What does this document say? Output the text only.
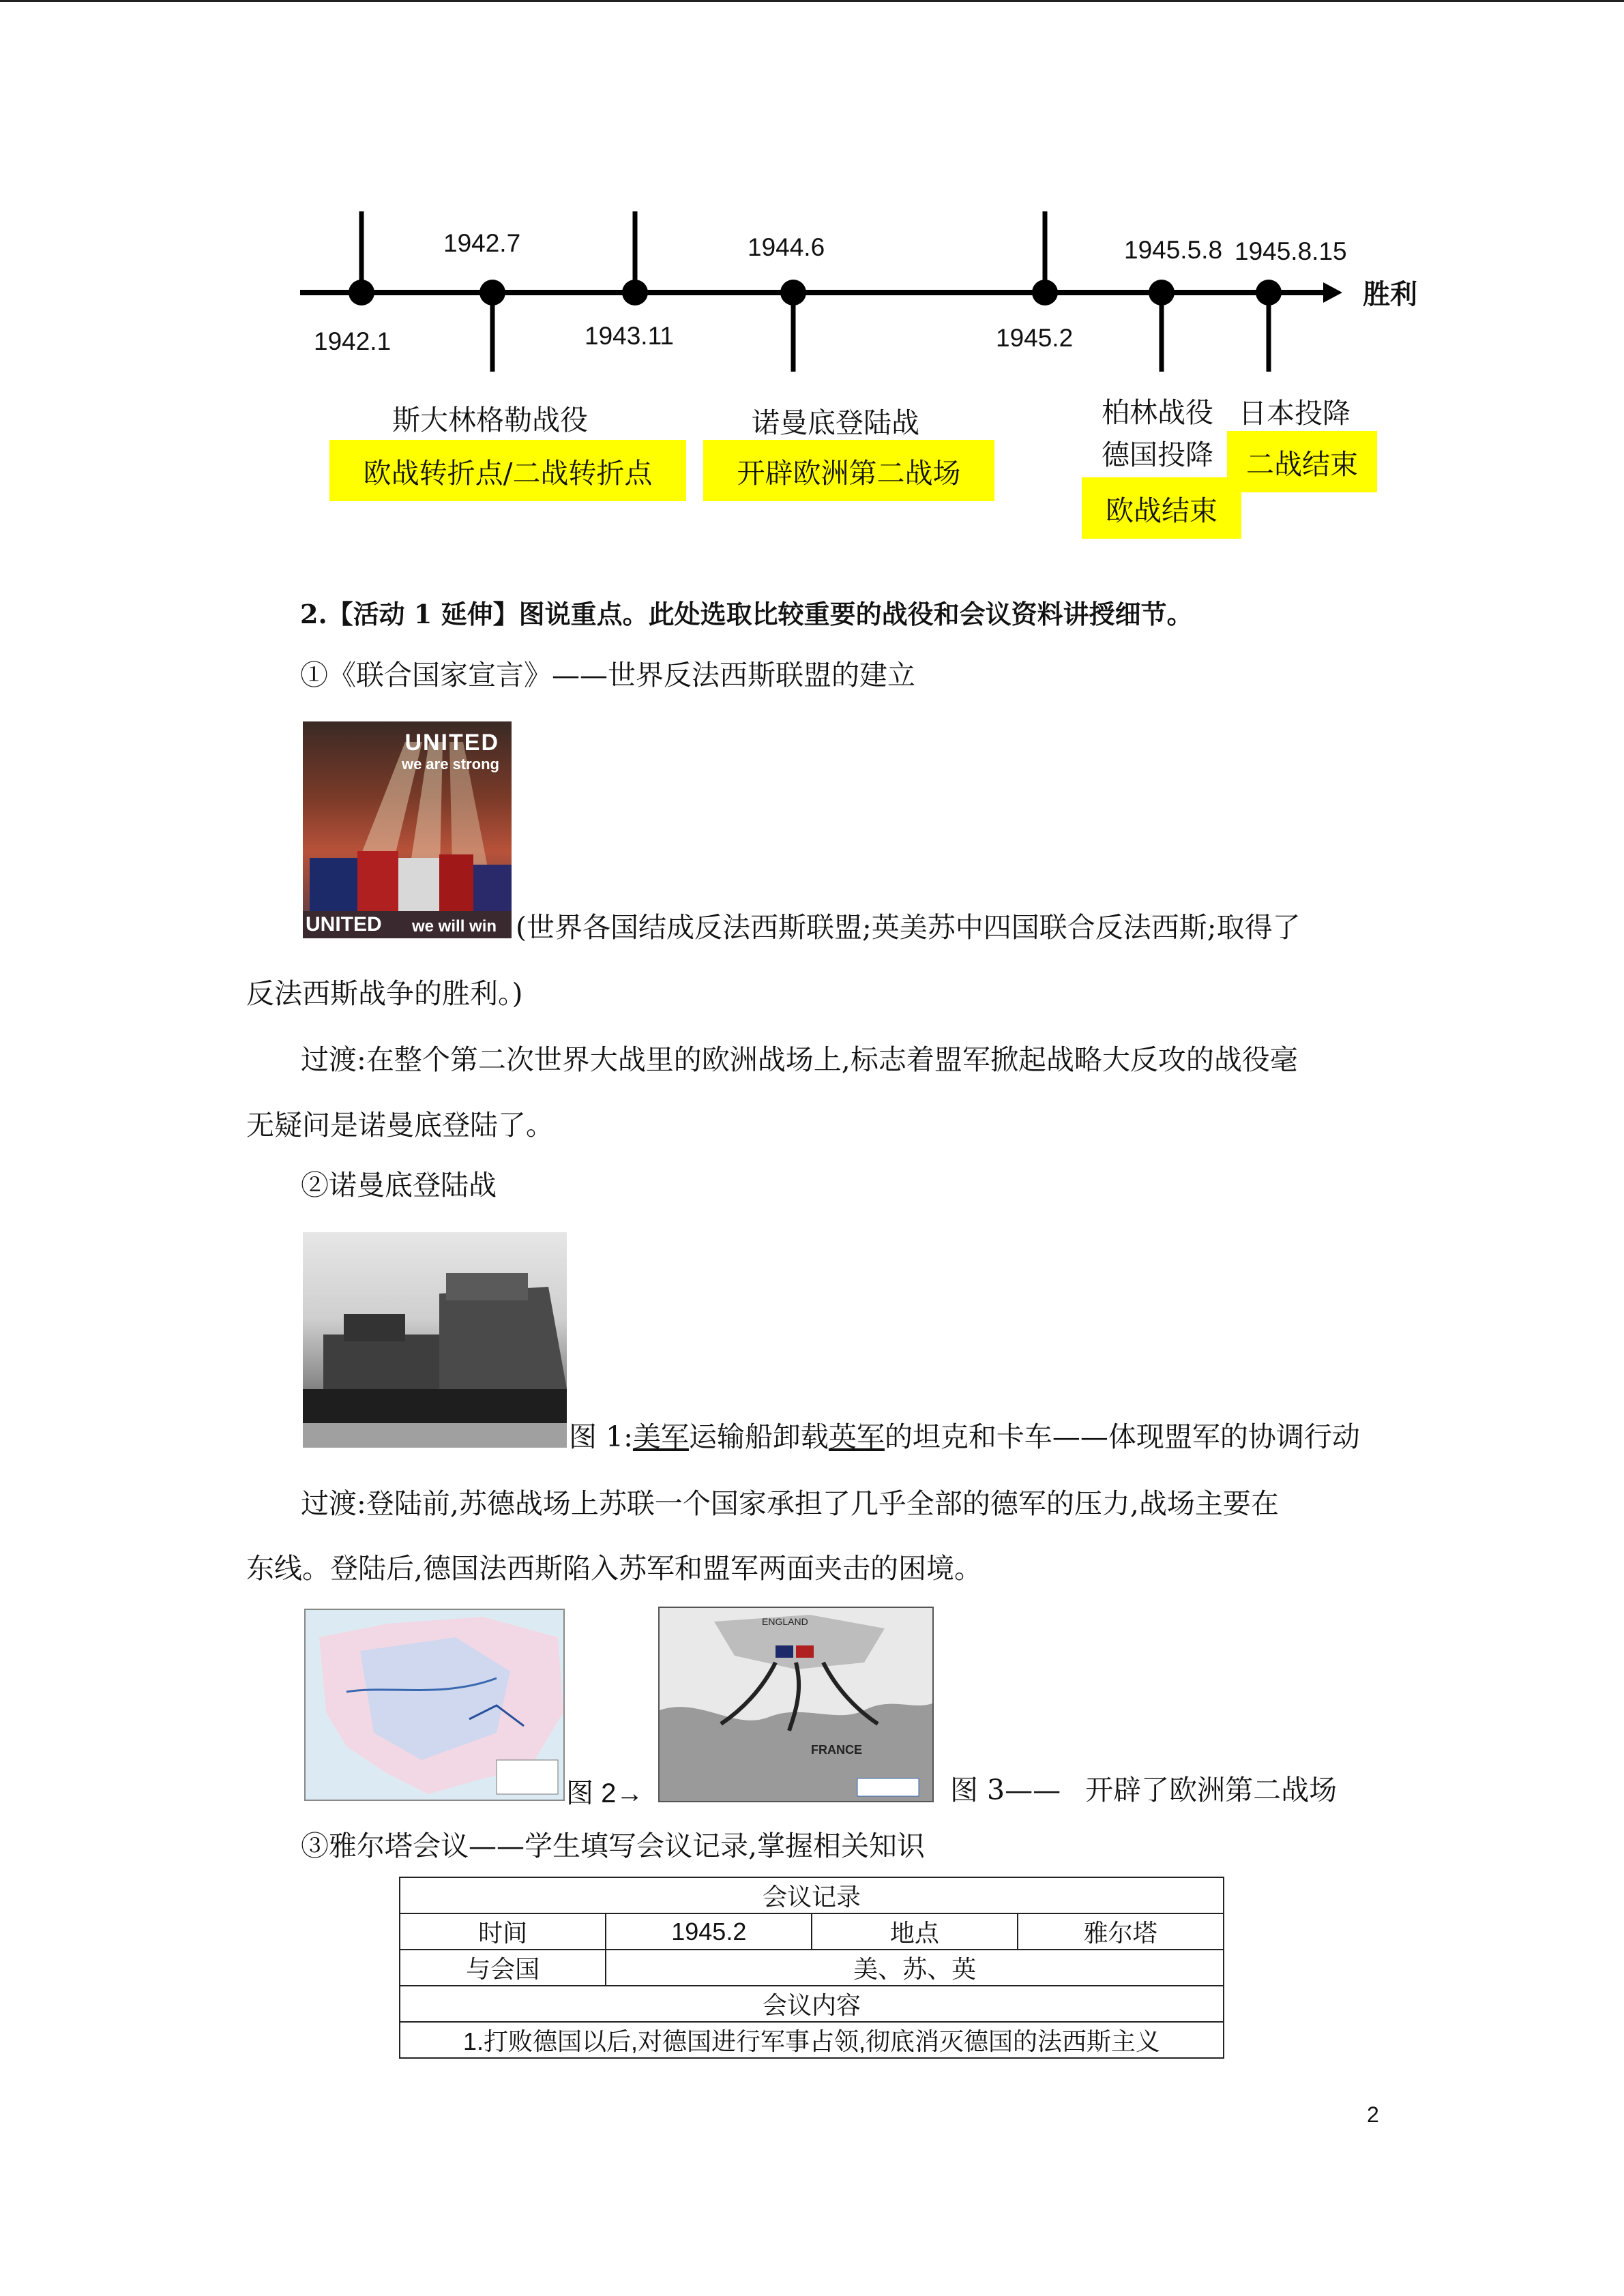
1942.1
1942.7
1943.11
1944.6
1945.2
1945.5.8 1945.8.15
胜利
斯大林格勒战役	诺曼底登陆战	柏林战役
德国投降
日本投降
欧战转折点/二战转折点	开辟欧洲第二战场
欧战结束
二战结束
2.【活动 1 延伸】图说重点。此处选取比较重要的战役和会议资料讲授细节。
①《联合国家宣言》——世界反法西斯联盟的建立
UNITED
we are strong
UNITED we will win (世界各国结成反法西斯联盟;英美苏中四国联合反法西斯;取得了
反法西斯战争的胜利。)
过渡:在整个第二次世界大战里的欧洲战场上,标志着盟军掀起战略大反攻的战役毫
无疑问是诺曼底登陆了。
②诺曼底登陆战
图 1:美军运输船卸载英军的坦克和卡车——体现盟军的协调行动
过渡:登陆前,苏德战场上苏联一个国家承担了几乎全部的德军的压力,战场主要在
东线。登陆后,德国法西斯陷入苏军和盟军两面夹击的困境。
图 2→
ENGLAND
FRANCE
图 3—— 开辟了欧洲第二战场
③雅尔塔会议——学生填写会议记录,掌握相关知识
会议记录			
时间	1945.2	地点	雅尔塔
与会国	美、苏、英		
会议内容			
1.打败德国以后,对德国进行军事占领,彻底消灭德国的法西斯主义			
2
